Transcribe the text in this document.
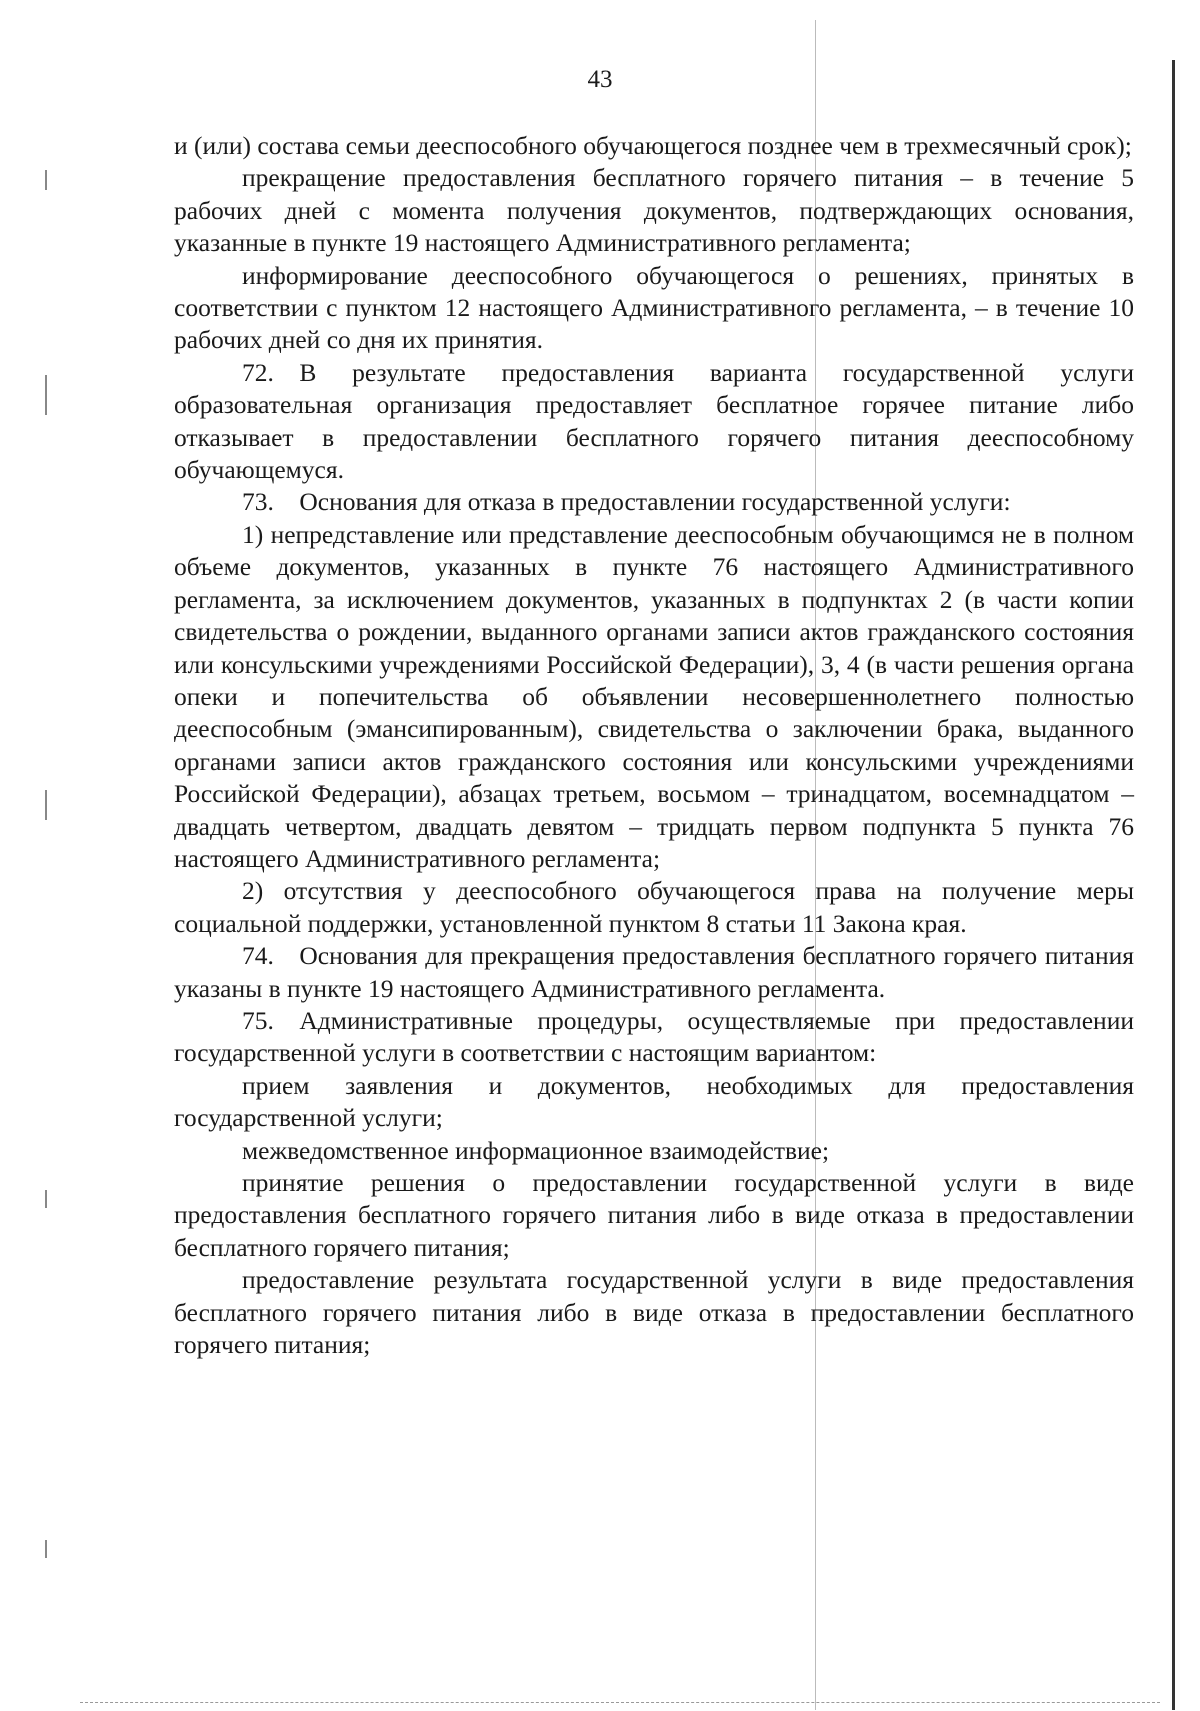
43

и (или) состава семьи дееспособного обучающегося позднее чем в трехмесячный срок);

прекращение предоставления бесплатного горячего питания – в течение 5 рабочих дней с момента получения документов, подтверждающих основания, указанные в пункте 19 настоящего Административного регламента;

информирование дееспособного обучающегося о решениях, принятых в соответствии с пунктом 12 настоящего Административного регламента, – в течение 10 рабочих дней со дня их принятия.

72. В результате предоставления варианта государственной услуги образовательная организация предоставляет бесплатное горячее питание либо отказывает в предоставлении бесплатного горячего питания дееспособному обучающемуся.

73. Основания для отказа в предоставлении государственной услуги:

1) непредставление или представление дееспособным обучающимся не в полном объеме документов, указанных в пункте 76 настоящего Административного регламента, за исключением документов, указанных в подпунктах 2 (в части копии свидетельства о рождении, выданного органами записи актов гражданского состояния или консульскими учреждениями Российской Федерации), 3, 4 (в части решения органа опеки и попечительства об объявлении несовершеннолетнего полностью дееспособным (эмансипированным), свидетельства о заключении брака, выданного органами записи актов гражданского состояния или консульскими учреждениями Российской Федерации), абзацах третьем, восьмом – тринадцатом, восемнадцатом – двадцать четвертом, двадцать девятом – тридцать первом подпункта 5 пункта 76 настоящего Административного регламента;

2) отсутствия у дееспособного обучающегося права на получение меры социальной поддержки, установленной пунктом 8 статьи 11 Закона края.

74. Основания для прекращения предоставления бесплатного горячего питания указаны в пункте 19 настоящего Административного регламента.

75. Административные процедуры, осуществляемые при предоставлении государственной услуги в соответствии с настоящим вариантом:

прием заявления и документов, необходимых для предоставления государственной услуги;

межведомственное информационное взаимодействие;

принятие решения о предоставлении государственной услуги в виде предоставления бесплатного горячего питания либо в виде отказа в предоставлении бесплатного горячего питания;

предоставление результата государственной услуги в виде предоставления бесплатного горячего питания либо в виде отказа в предоставлении бесплатного горячего питания;
